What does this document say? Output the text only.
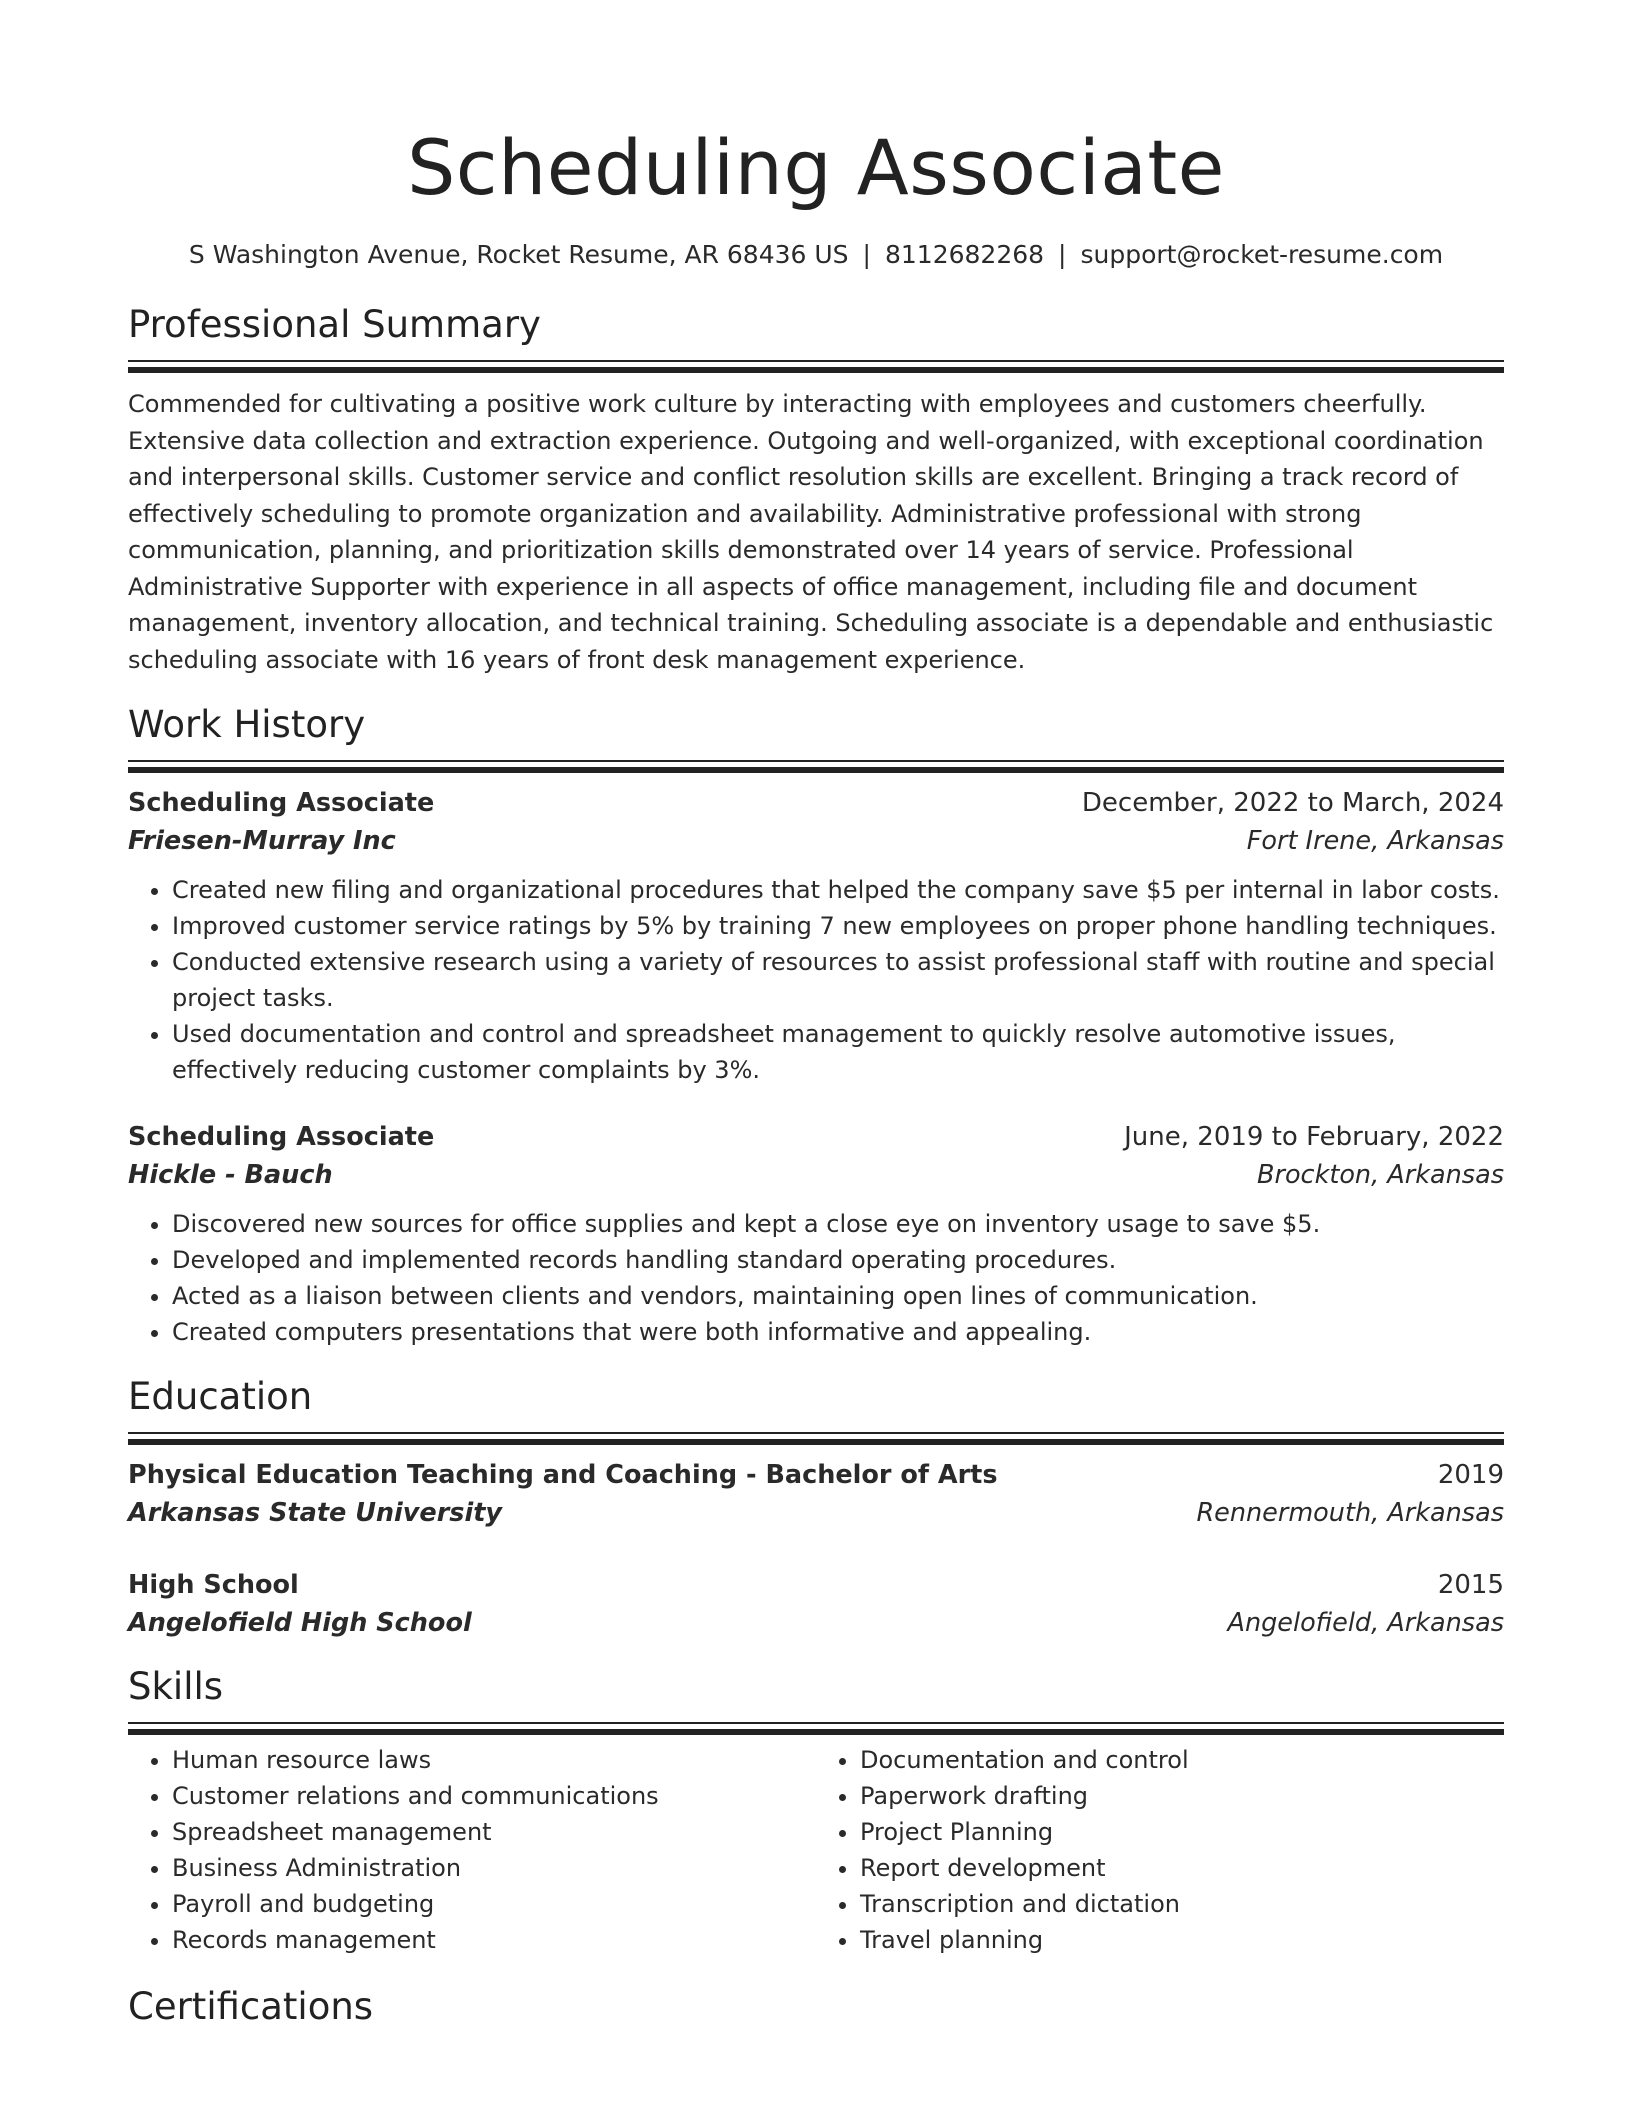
Scheduling Associate
S Washington Avenue, Rocket Resume, AR 68436 US | 8112682268 | support@rocket-resume.com
Professional Summary

Commended for cultivating a positive work culture by interacting with employees and customers cheerfully. Extensive data collection and extraction experience. Outgoing and well-organized, with exceptional coordination and interpersonal skills. Customer service and conflict resolution skills are excellent. Bringing a track record of effectively scheduling to promote organization and availability. Administrative professional with strong communication, planning, and prioritization skills demonstrated over 14 years of service. Professional Administrative Supporter with experience in all aspects of office management, including file and document management, inventory allocation, and technical training. Scheduling associate is a dependable and enthusiastic scheduling associate with 16 years of front desk management experience.

Work History
Scheduling Associate	December, 2022 to March, 2024
Friesen-Murray Inc	Fort Irene, Arkansas
• Created new filing and organizational procedures that helped the company save $5 per internal in labor costs.
• Improved customer service ratings by 5% by training 7 new employees on proper phone handling techniques.
• Conducted extensive research using a variety of resources to assist professional staff with routine and special project tasks.
• Used documentation and control and spreadsheet management to quickly resolve automotive issues, effectively reducing customer complaints by 3%.
Scheduling Associate	June, 2019 to February, 2022
Hickle - Bauch	Brockton, Arkansas
• Discovered new sources for office supplies and kept a close eye on inventory usage to save $5.
• Developed and implemented records handling standard operating procedures.
• Acted as a liaison between clients and vendors, maintaining open lines of communication.
• Created computers presentations that were both informative and appealing.
Education
Physical Education Teaching and Coaching - Bachelor of Arts	2019
Arkansas State University	Rennermouth, Arkansas
High School	2015
Angelofield High School	Angelofield, Arkansas
Skills
• Human resource laws
• Customer relations and communications
• Spreadsheet management
• Business Administration
• Payroll and budgeting
• Records management
• Documentation and control
• Paperwork drafting
• Project Planning
• Report development
• Transcription and dictation
• Travel planning
Certifications
